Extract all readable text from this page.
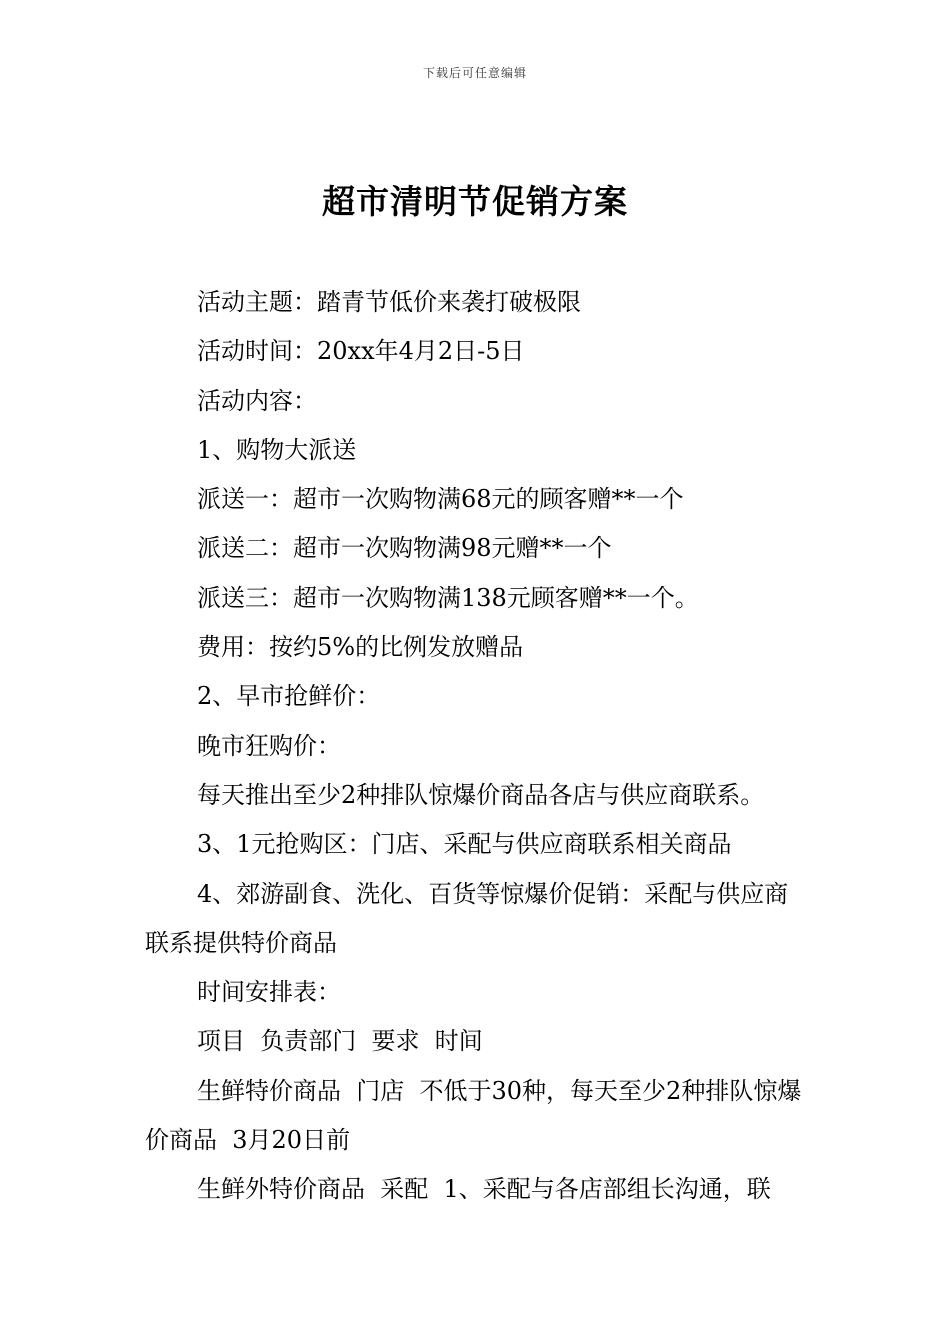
下载后可任意编辑
超市清明节促销方案

活动主题：踏青节低价来袭打破极限

活动时间：20xx年4月2日-5日

活动内容：

1、购物大派送

派送一：超市一次购物满68元的顾客赠**一个

派送二：超市一次购物满98元赠**一个

派送三：超市一次购物满138元顾客赠**一个。

费用：按约5%的比例发放赠品

2、早市抢鲜价：

晚市狂购价：

每天推出至少2种排队惊爆价商品各店与供应商联系。

3、1元抢购区：门店、采配与供应商联系相关商品

4、郊游副食、洗化、百货等惊爆价促销：采配与供应商联系提供特价商品

时间安排表：

项目  负责部门  要求  时间

生鲜特价商品  门店  不低于30种，每天至少2种排队惊爆价商品  3月20日前

生鲜外特价商品  采配  1、采配与各店部组长沟通，联
